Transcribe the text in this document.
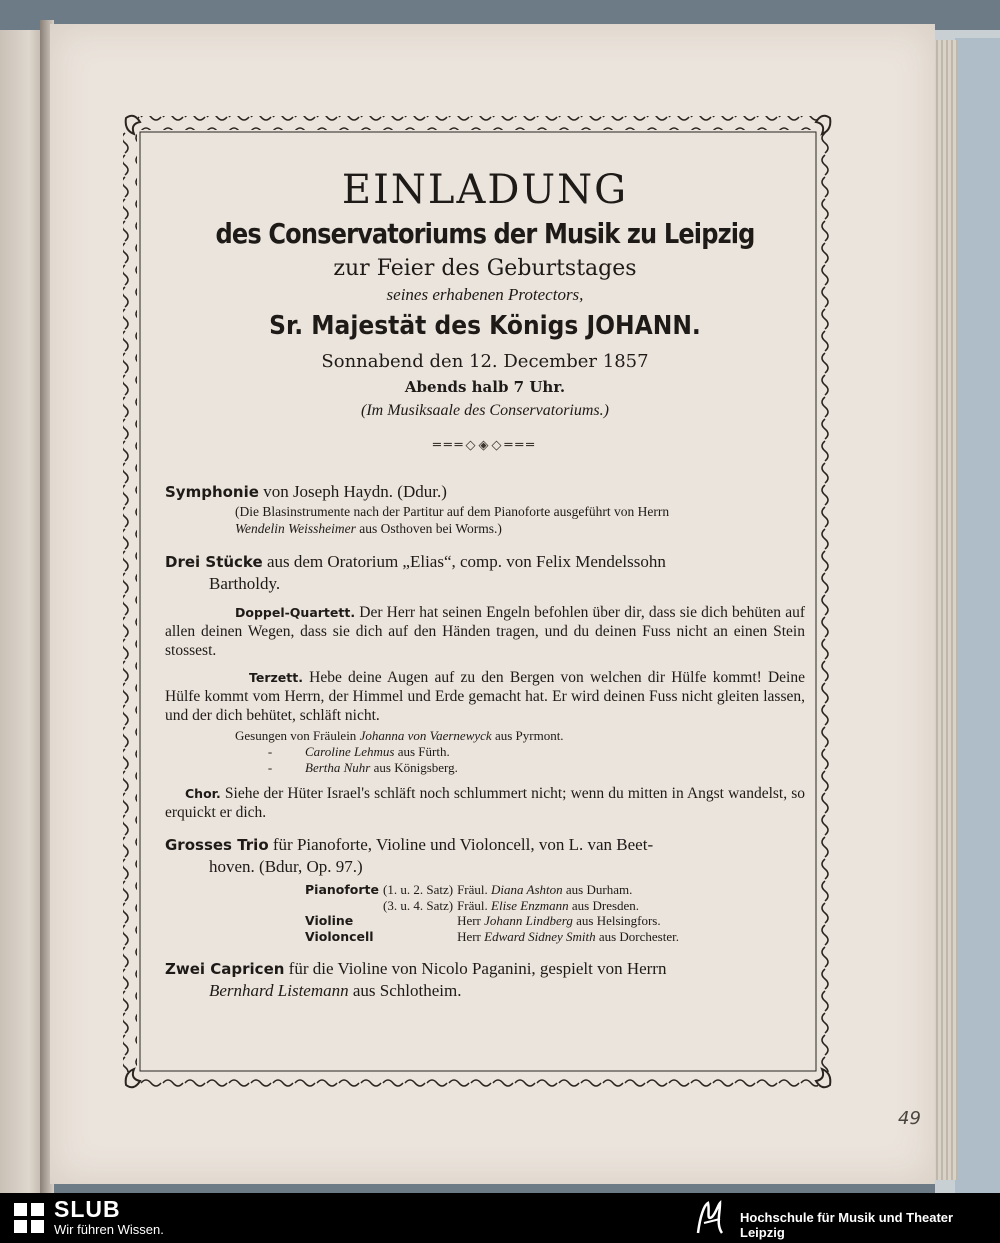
EINLADUNG
des Conservatoriums der Musik zu Leipzig
zur Feier des Geburtstages
seines erhabenen Protectors,
Sr. Majestät des Königs JOHANN.
Sonnabend den 12. December 1857
Abends halb 7 Uhr.
(Im Musiksaale des Conservatoriums.)
═══◇◈◇═══
Symphonie von Joseph Haydn. (Ddur.)
(Die Blasinstrumente nach der Partitur auf dem Pianoforte ausgeführt von Herrn
Wendelin Weissheimer aus Osthoven bei Worms.)
Drei Stücke aus dem Oratorium „Elias“, comp. von Felix Mendelssohn
Bartholdy.
Doppel-Quartett. Der Herr hat seinen Engeln befohlen über dir, dass sie dich behüten auf allen deinen Wegen, dass sie dich auf den Händen tragen, und du deinen Fuss nicht an einen Stein stossest.
Terzett. Hebe deine Augen auf zu den Bergen von welchen dir Hülfe kommt! Deine Hülfe kommt vom Herrn, der Himmel und Erde gemacht hat. Er wird deinen Fuss nicht gleiten lassen, und der dich behütet, schläft nicht.
Gesungen von Fräulein Johanna von Vaernewyck aus Pyrmont.
-	Caroline Lehmus aus Fürth.
-	Bertha Nuhr aus Königsberg.
Chor. Siehe der Hüter Israel's schläft noch schlummert nicht; wenn du mitten in Angst wandelst, so erquickt er dich.
Grosses Trio für Pianoforte, Violine und Violoncell, von L. van Beet-
hoven. (Bdur, Op. 97.)
Pianoforte	(1. u. 2. Satz)	Fräul. Diana Ashton aus Durham.
	(3. u. 4. Satz)	Fräul. Elise Enzmann aus Dresden.
Violine		Herr Johann Lindberg aus Helsingfors.
Violoncell		Herr Edward Sidney Smith aus Dorchester.
Zwei Capricen für die Violine von Nicolo Paganini, gespielt von Herrn
Bernhard Listemann aus Schlotheim.
49
SLUB
Wir führen Wissen.
Hochschule für Musik und Theater Leipzig
